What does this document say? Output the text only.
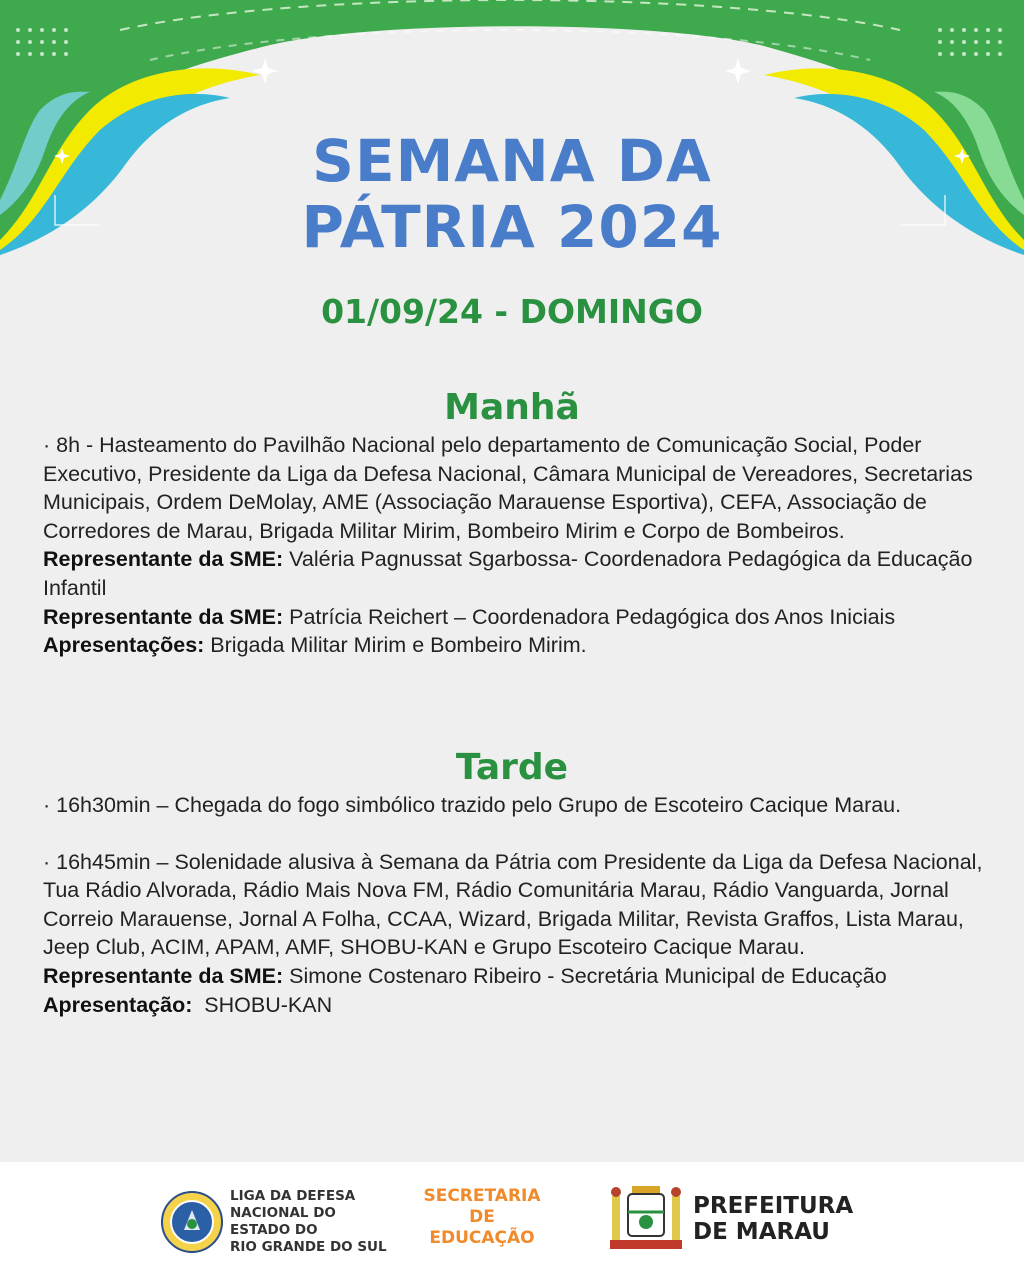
SEMANA DA
PÁTRIA 2024
01/09/24 - DOMINGO
Manhã

· 8h - Hasteamento do Pavilhão Nacional pelo departamento de Comunicação Social, Poder Executivo, Presidente da Liga da Defesa Nacional, Câmara Municipal de Vereadores, Secretarias Municipais, Ordem DeMolay, AME (Associação Marauense Esportiva), CEFA, Associação de Corredores de Marau, Brigada Militar Mirim, Bombeiro Mirim e Corpo de Bombeiros.

Representante da SME: Valéria Pagnussat Sgarbossa- Coordenadora Pedagógica da Educação Infantil

Representante da SME: Patrícia Reichert – Coordenadora Pedagógica dos Anos Iniciais

Apresentações: Brigada Militar Mirim e Bombeiro Mirim.

Tarde

· 16h30min – Chegada do fogo simbólico trazido pelo Grupo de Escoteiro Cacique Marau.

· 16h45min – Solenidade alusiva à Semana da Pátria com Presidente da Liga da Defesa Nacional, Tua Rádio Alvorada, Rádio Mais Nova FM, Rádio Comunitária Marau, Rádio Vanguarda, Jornal Correio Marauense, Jornal A Folha, CCAA, Wizard, Brigada Militar, Revista Graffos, Lista Marau, Jeep Club, ACIM, APAM, AMF, SHOBU-KAN e Grupo Escoteiro Cacique Marau.

Representante da SME: Simone Costenaro Ribeiro - Secretária Municipal de Educação

Apresentação:  SHOBU-KAN

LIGA DA DEFESA
NACIONAL DO
ESTADO DO
RIO GRANDE DO SUL
SECRETARIA
DE
EDUCAÇÃO
PREFEITURA
DE MARAU
